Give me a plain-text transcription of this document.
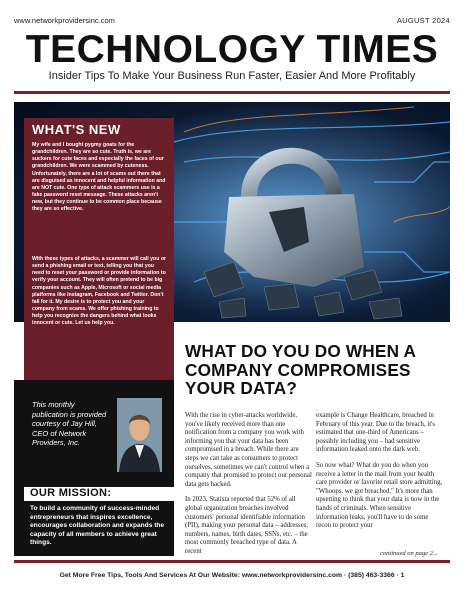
www.networkprovidersinc.com	AUGUST 2024
TECHNOLOGY TIMES
Insider Tips To Make Your Business Run Faster, Easier And More Profitably
WHAT'S NEW
My wife and I bought pygmy goats for the grandchildren. They are so cute. Truth is, we are suckers for cute faces and especially the faces of our grandchildren. We were scammed by cuteness. Unfortunately, there are a lot of scams out there that are disguised as innocent and helpful information and are NOT cute. One type of attack scammers use is a fake password reset message. These attacks aren't new, but they continue to be common place because they are so effective.
With these types of attacks, a scammer will call you or send a phishing email or text, telling you that you need to reset your password or provide information to verify your account. They will often pretend to be big companies such as Apple, Microsoft or social media platforms like Instagram, Facebook and Twitter. Don't fall for it. My desire is to protect you and your company from scams. We offer phishing training to help you recognize the dangers behind what looks innocent or cute. Let us help you.
This monthly publication is provided courtesy of Jay Hill, CEO of Network Providers, Inc.
OUR MISSION:
To build a community of success-minded entrepreneurs that inspires excellence, encourages collaboration and expands the capacity of all members to achieve great things.
WHAT DO YOU DO WHEN A COMPANY COMPROMISES YOUR DATA?

With the rise in cyber-attacks worldwide, you've likely received more than one notification from a company you work with informing you that your data has been compromised in a breach. While there are steps we can take as consumers to protect ourselves, sometimes we can't control when a company that promised to protect our personal data gets hacked.

In 2023, Statista reported that 52% of all global organization breaches involved customers' personal identifiable information (PII), making your personal data – addresses, numbers, names, birth dates, SSNs, etc. – the most commonly breached type of data. A recent

example is Change Healthcare, breached in February of this year. Due to the breach, it's estimated that one-third of Americans – possibly including you – had sensitive information leaked onto the dark web.

So now what? What do you do when you receive a letter in the mail from your health care provider or favorite retail store admitting, "Whoops, we got breached." It's more than upsetting to think that your data is now in the hands of criminals. When sensitive information leaks, you'll have to do some recon to protect your

continued on page 2...
Get More Free Tips, Tools And Services At Our Website: www.networkprovidersinc.com · (385) 463-3366 · 1
